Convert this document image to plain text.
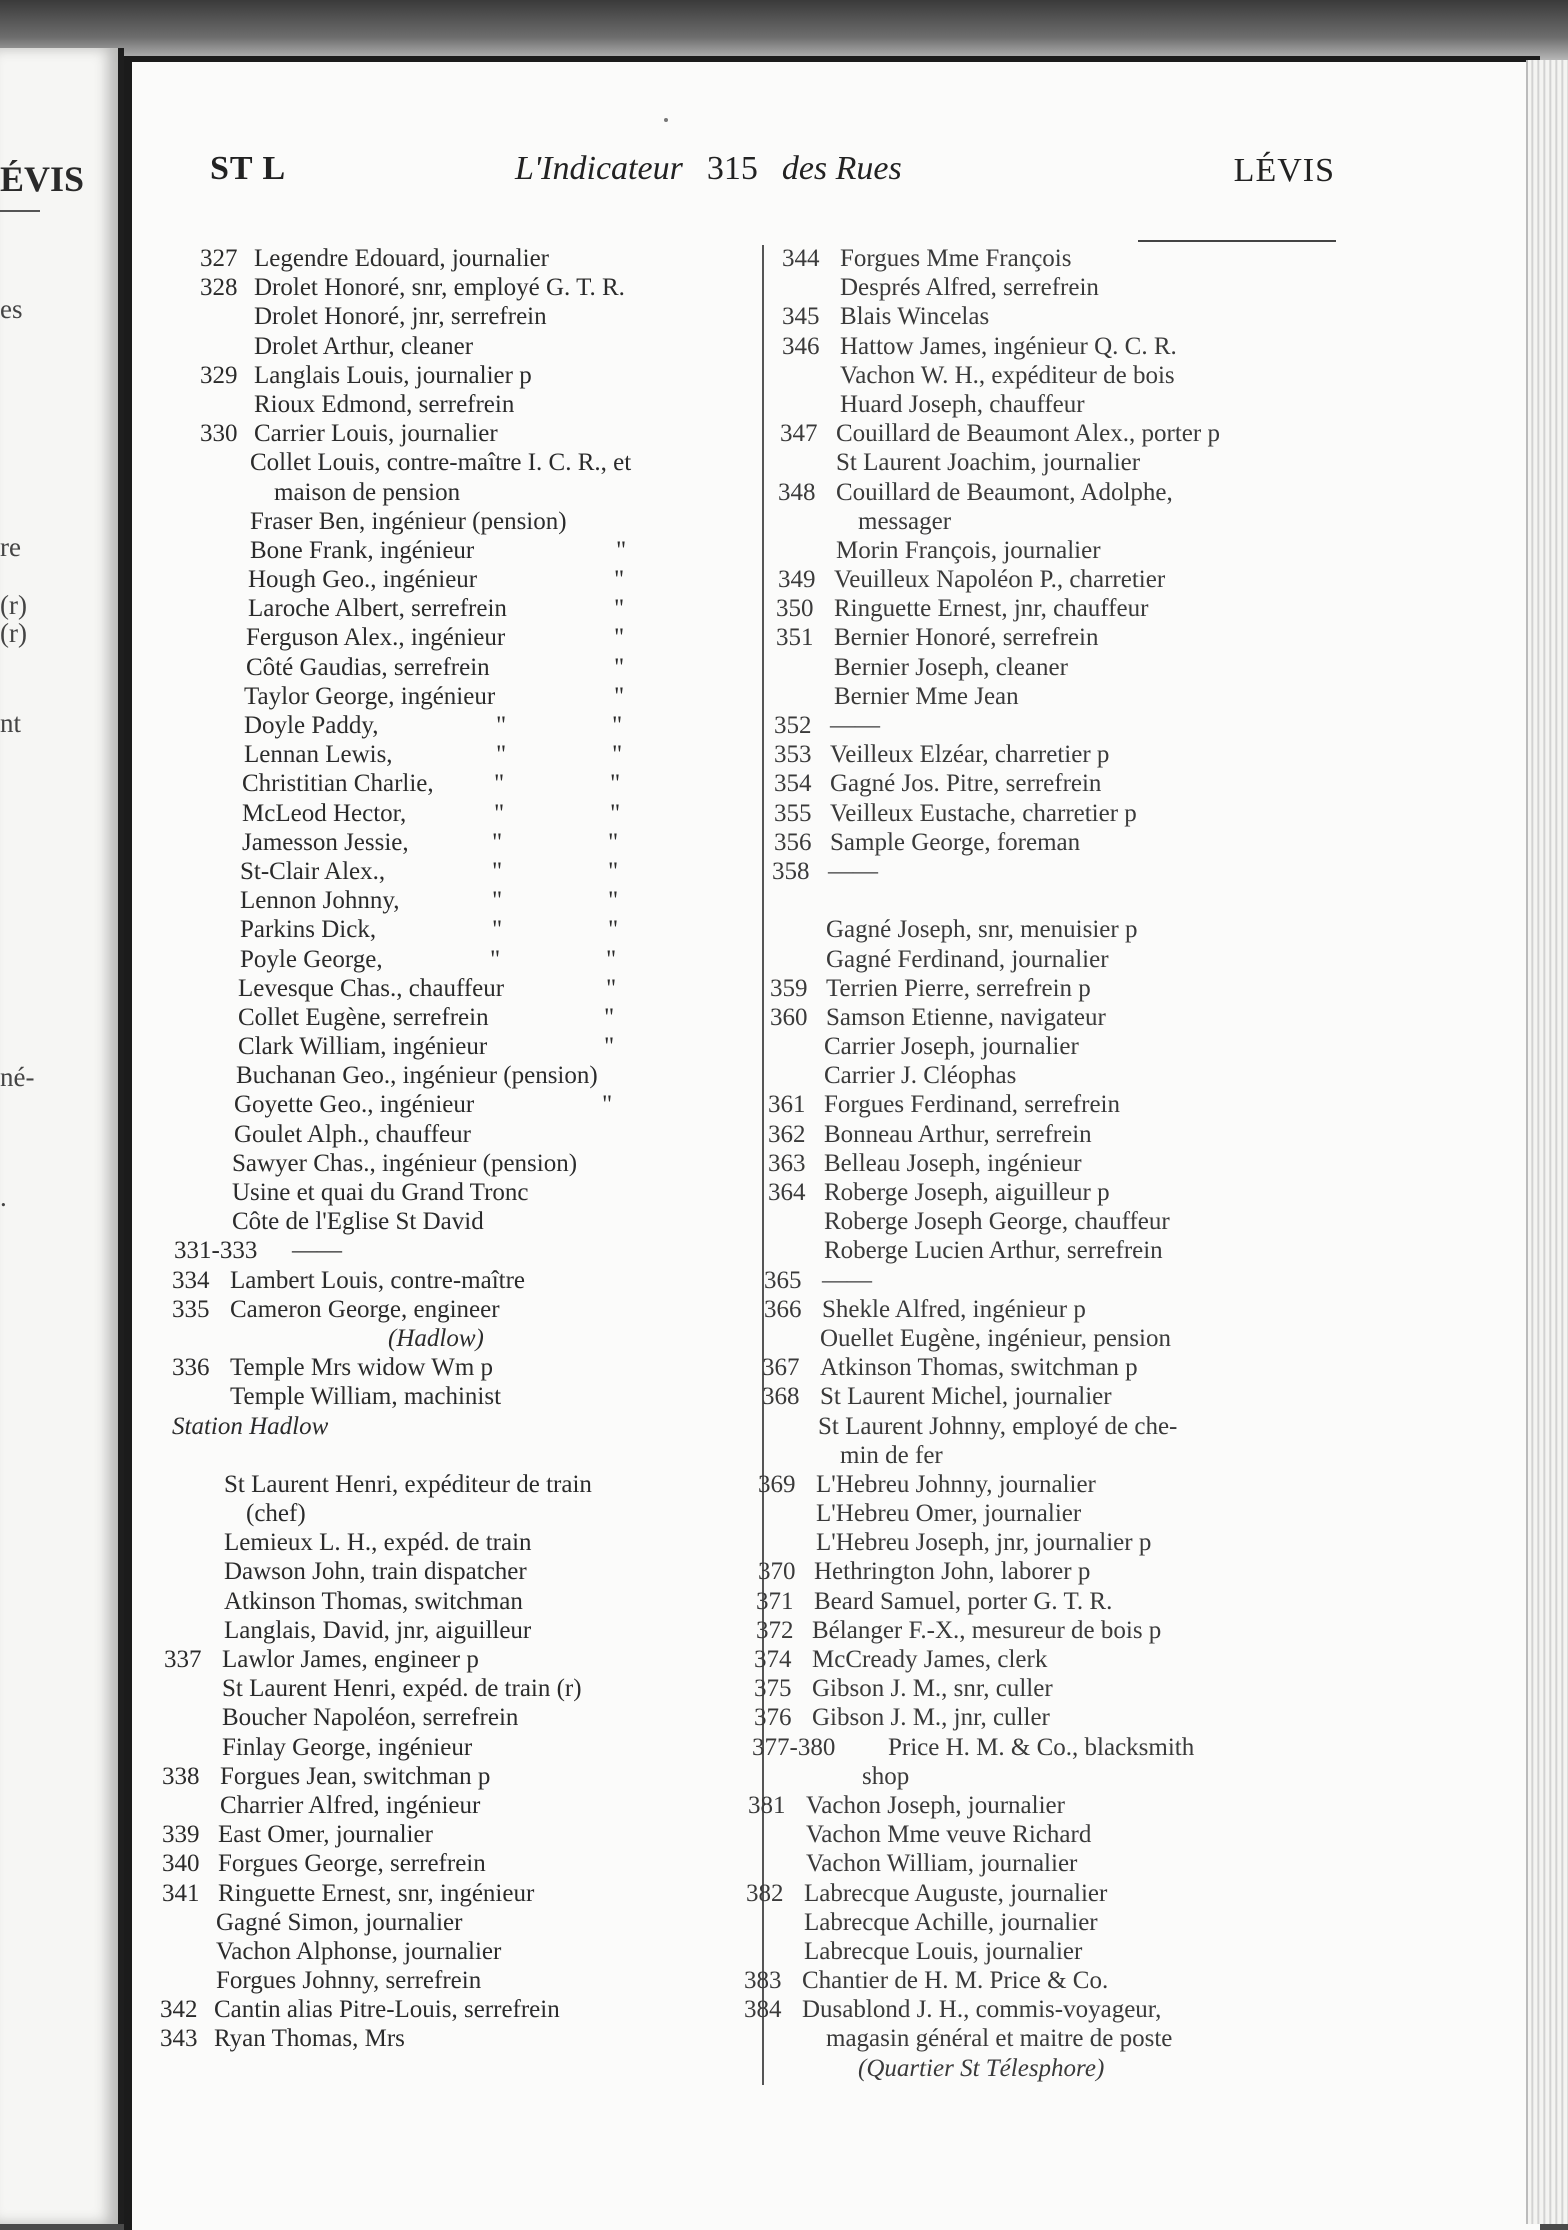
ÉVIS
es
re
(r)
(r)
nt
né-
.
ST L	L'Indicateur 315 des Rues	LÉVIS
327 Legendre Edouard, journalier
328 Drolet Honoré, snr, employé G. T. R.
Drolet Honoré, jnr, serrefrein
Drolet Arthur, cleaner
329 Langlais Louis, journalier p
Rioux Edmond, serrefrein
330 Carrier Louis, journalier
Collet Louis, contre-maître I. C. R., et
maison de pension
Fraser Ben, ingénieur (pension)
Bone Frank, ingénieur	"
Hough Geo., ingénieur	"
Laroche Albert, serrefrein	"
Ferguson Alex., ingénieur	"
Côté Gaudias, serrefrein	"
Taylor George, ingénieur	"
Doyle Paddy,	"	"
Lennan Lewis,	"	"
Christitian Charlie, "	"
McLeod Hector,	"	"
Jamesson Jessie,	"	"
St-Clair Alex.,	"	"
Lennon Johnny,	"	"
Parkins Dick,	"	"
Poyle George,	"	"
Levesque Chas., chauffeur	"
Collet Eugène, serrefrein	"
Clark William, ingénieur	"
Buchanan Geo., ingénieur (pension)
Goyette Geo., ingénieur	"
Goulet Alph., chauffeur
Sawyer Chas., ingénieur (pension)
Usine et quai du Grand Tronc
Côte de l'Eglise St David
331-333 ——
334 Lambert Louis, contre-maître
335 Cameron George, engineer
(Hadlow)
336 Temple Mrs widow Wm p
Temple William, machinist
Station Hadlow
St Laurent Henri, expéditeur de train
(chef)
Lemieux L. H., expéd. de train
Dawson John, train dispatcher
Atkinson Thomas, switchman
Langlais, David, jnr, aiguilleur
337 Lawlor James, engineer p
St Laurent Henri, expéd. de train (r)
Boucher Napoléon, serrefrein
Finlay George, ingénieur
338 Forgues Jean, switchman p
Charrier Alfred, ingénieur
339 East Omer, journalier
340 Forgues George, serrefrein
341 Ringuette Ernest, snr, ingénieur
Gagné Simon, journalier
Vachon Alphonse, journalier
Forgues Johnny, serrefrein
342 Cantin alias Pitre-Louis, serrefrein
343 Ryan Thomas, Mrs
344 Forgues Mme François
Després Alfred, serrefrein
345 Blais Wincelas
346 Hattow James, ingénieur Q. C. R.
Vachon W. H., expéditeur de bois
Huard Joseph, chauffeur
347 Couillard de Beaumont Alex., porter p
St Laurent Joachim, journalier
348 Couillard de Beaumont, Adolphe,
messager
Morin François, journalier
349 Veuilleux Napoléon P., charretier
350 Ringuette Ernest, jnr, chauffeur
351 Bernier Honoré, serrefrein
Bernier Joseph, cleaner
Bernier Mme Jean
352 ——
353 Veilleux Elzéar, charretier p
354 Gagné Jos. Pitre, serrefrein
355 Veilleux Eustache, charretier p
356 Sample George, foreman
358 ——
Gagné Joseph, snr, menuisier p
Gagné Ferdinand, journalier
359 Terrien Pierre, serrefrein p
360 Samson Etienne, navigateur
Carrier Joseph, journalier
Carrier J. Cléophas
361 Forgues Ferdinand, serrefrein
362 Bonneau Arthur, serrefrein
363 Belleau Joseph, ingénieur
364 Roberge Joseph, aiguilleur p
Roberge Joseph George, chauffeur
Roberge Lucien Arthur, serrefrein
365 ——
366 Shekle Alfred, ingénieur p
Ouellet Eugène, ingénieur, pension
367 Atkinson Thomas, switchman p
368 St Laurent Michel, journalier
St Laurent Johnny, employé de che-
min de fer
369 L'Hebreu Johnny, journalier
L'Hebreu Omer, journalier
L'Hebreu Joseph, jnr, journalier p
370 Hethrington John, laborer p
371 Beard Samuel, porter G. T. R.
372 Bélanger F.-X., mesureur de bois p
374 McCready James, clerk
375 Gibson J. M., snr, culler
376 Gibson J. M., jnr, culler
377-380 Price H. M. & Co., blacksmith
shop
381 Vachon Joseph, journalier
Vachon Mme veuve Richard
Vachon William, journalier
382 Labrecque Auguste, journalier
Labrecque Achille, journalier
Labrecque Louis, journalier
383 Chantier de H. M. Price & Co.
384 Dusablond J. H., commis-voyageur,
magasin général et maitre de poste
(Quartier St Télesphore)
